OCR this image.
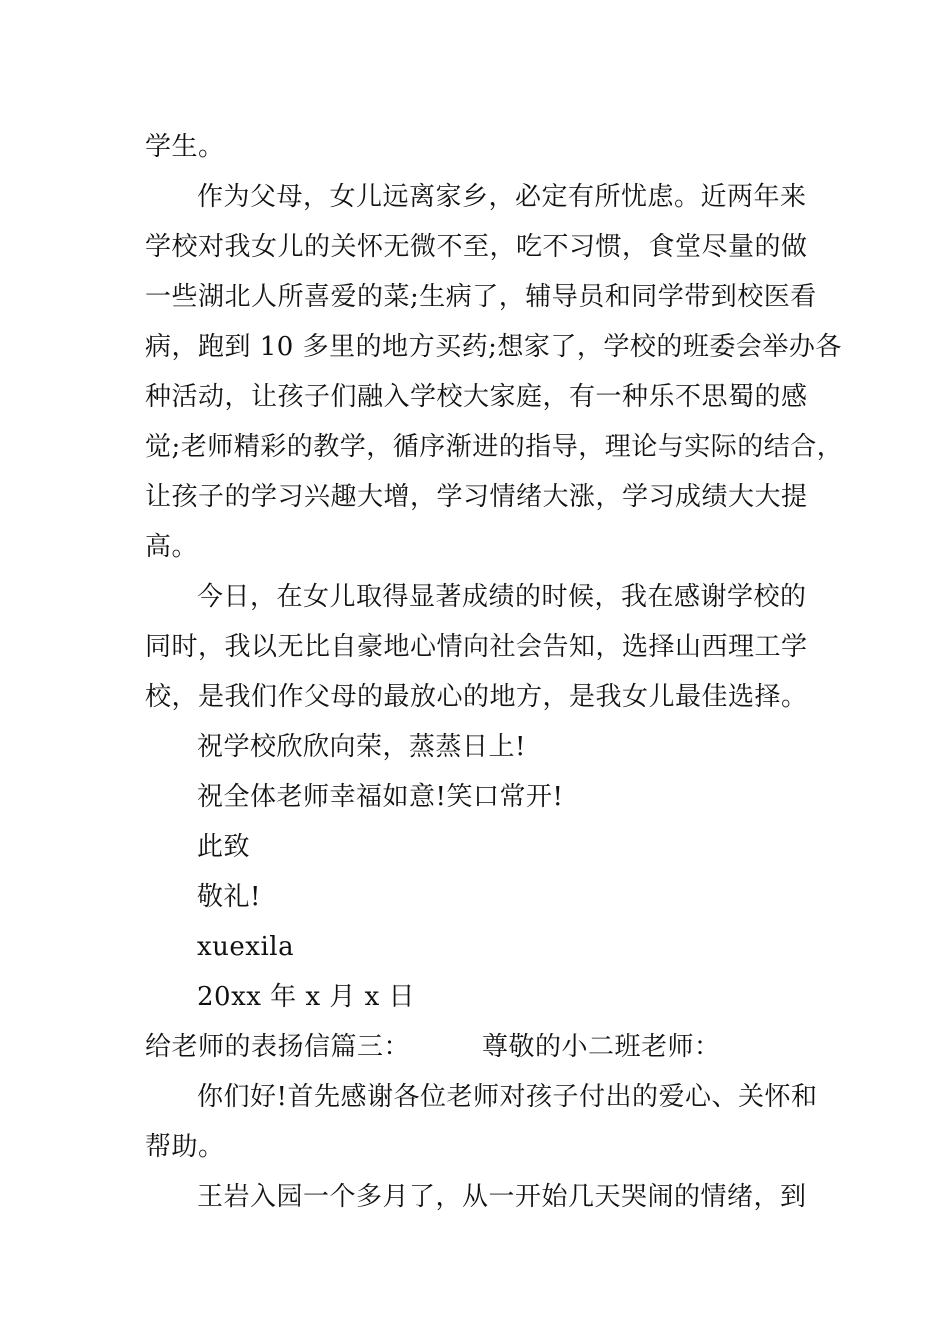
学生。
作为父母，女儿远离家乡，必定有所忧虑。近两年来
学校对我女儿的关怀无微不至，吃不习惯，食堂尽量的做
一些湖北人所喜爱的菜;生病了，辅导员和同学带到校医看
病，跑到 10 多里的地方买药;想家了，学校的班委会举办各
种活动，让孩子们融入学校大家庭，有一种乐不思蜀的感
觉;老师精彩的教学，循序渐进的指导，理论与实际的结合，
让孩子的学习兴趣大增，学习情绪大涨，学习成绩大大提
高。
今日，在女儿取得显著成绩的时候，我在感谢学校的
同时，我以无比自豪地心情向社会告知，选择山西理工学
校，是我们作父母的最放心的地方，是我女儿最佳选择。
祝学校欣欣向荣，蒸蒸日上!
祝全体老师幸福如意!笑口常开!
此致
敬礼!
xuexila
20xx 年 x 月 x 日
给老师的表扬信篇三：	尊敬的小二班老师：
你们好!首先感谢各位老师对孩子付出的爱心、关怀和
帮助。
王岩入园一个多月了，从一开始几天哭闹的情绪，到
